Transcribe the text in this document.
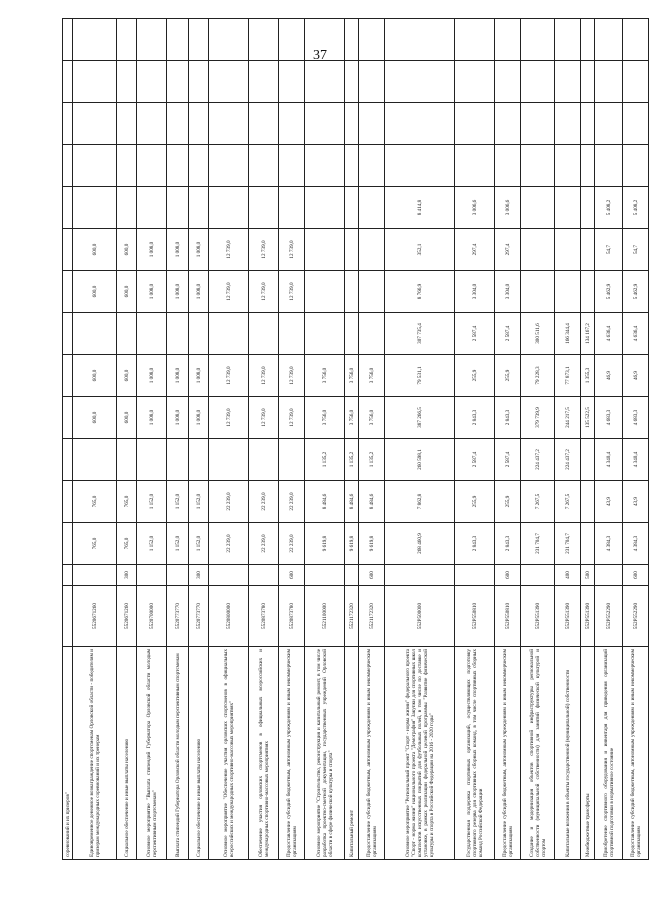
37
соревнований и их призеров"															
Единовременное денежное вознаграждение спортсменам Орловской области - победителям и призерам международных соревнований и их тренерам	5520671260		765,0	765,0		600,0	600,0		600,0	600,0					
Социальное обеспечение и иные выплаты населению	5520671260	300	765,0	765,0		600,0	600,0		600,0	600,0					
Основное мероприятие "Выплата стипендий Губернатора Орловской области молодым перспективным спортсменам"	5520700000		1 152,0	1 152,0		1 008,0	1 008,0		1 008,0	1 008,0					
Выплата стипендий Губернатора Орловской области молодым перспективным спортсменам	5520773770		1 152,0	1 152,0		1 008,0	1 008,0		1 008,0	1 008,0					
Социальное обеспечение и иные выплаты населению	5520773770	300	1 152,0	1 152,0		1 008,0	1 008,0		1 008,0	1 008,0					
Основное мероприятие "Обеспечение участия орловских спортсменов в официальных всероссийских и международных спортивно-массовых мероприятиях"	5520800000		22 239,0	22 239,0		12 739,0	12 739,0		12 739,0	12 739,0					
Обеспечение участия орловских спортсменов в официальных всероссийских и международных спортивно-массовых мероприятиях	5520873780		22 239,0	22 239,0		12 739,0	12 739,0		12 739,0	12 739,0					
Предоставление субсидий бюджетным, автономным учреждениям и иным некоммерческим организациям	5520873780	600	22 239,0	22 239,0		12 739,0	12 739,0		12 739,0	12 739,0					
Основное мероприятие "Строительство, реконструкция и капитальный ремонт, в том числе разработка проектно-сметной документации, государственных учреждений Орловской области в сфере физической культуры и спорта"	5521100000		9 619,8	8 484,6	1 135,2	3 756,0	3 756,0								
Капитальный ремонт	5521172320		9 619,8	8 484,6	1 135,2	3 756,0	3 756,0								
Предоставление субсидий бюджетным, автономным учреждениям и иным некоммерческим организациям	5521172320	600	9 619,8	8 484,6	1 135,2	3 756,0	3 756,0								
Основное мероприятие "Региональный проект "Спорт - норма жизни" федерального проекта "Спорт - норма жизни" национального проекта "Демография" Закупки для спортивных школ комплектов искусственных покрытий для футбольных полей, в том числе по доставке и установке, в рамках реализации федеральной целевой программы "Развитие физической культуры и спорта в Российской Федерации на 2016 - 2020 годы"	552P500000		268 460,9	7 862,8	260 598,1	387 266,5	79 531,1	307 735,4	8 766,9	352,1	8 414,8				
Государственная поддержка спортивных организаций, осуществляющих подготовку спортивного резерва для спортивных сборных команд, в том числе спортивных сборных команд Российской Федерации	552P550810		2 843,3	255,9	2 587,4	2 843,3	255,9	2 587,4	3 304,0	297,4	3 006,6				
Предоставление субсидий бюджетным, автономным учреждениям и иным некоммерческим организациям	552P550810	600	2 843,3	255,9	2 587,4	2 843,3	255,9	2 587,4	3 304,0	297,4	3 006,6				
Создание и модернизация объектов спортивной инфраструктуры региональной собственности (муниципальной собственности) для занятий физической культурой и спортом	552P551390		231 704,7	7 267,5	224 437,2	379 739,9	79 228,3	300 511,6							
Капитальные вложения в объекты государственной (муниципальной) собственности	552P551390	400	231 704,7	7 267,5	224 437,2	244 217,5	77 873,1	166 344,4							
Межбюджетные трансферты	552P551390	500				135 522,5	1 355,3	134 167,2							
Приобретение спортивного оборудования и инвентаря для приведения организаций спортивной подготовки в нормативное состояние	552P552290		4 384,3	43,9	4 340,4	4 683,3	46,9	4 636,4	5 462,9	54,7	5 408,2				
Предоставление субсидий бюджетным, автономным учреждениям и иным некоммерческим организациям	552P552290	600	4 384,3	43,9	4 340,4	4 683,3	46,9	4 636,4	5 462,9	54,7	5 408,2				
